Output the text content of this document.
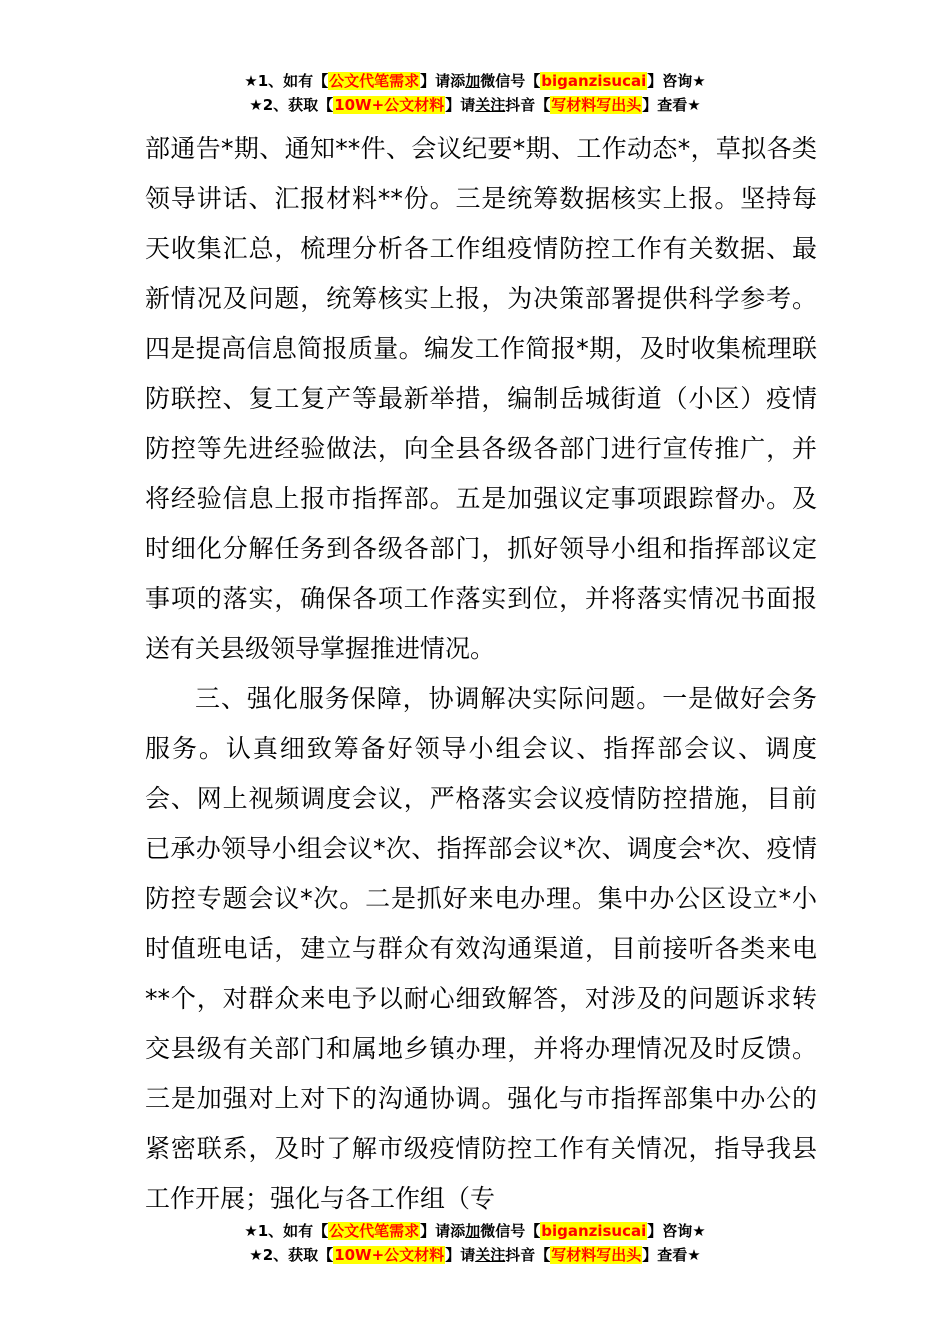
★1、如有【公文代笔需求】请添加微信号【biganzisucai】咨询★
★2、获取【10W+公文材料】请关注抖音【写材料写出头】查看★

部通告*期、通知**件、会议纪要*期、工作动态*，草拟各类领导讲话、汇报材料**份。三是统筹数据核实上报。坚持每天收集汇总，梳理分析各工作组疫情防控工作有关数据、最新情况及问题，统筹核实上报，为决策部署提供科学参考。四是提高信息简报质量。编发工作简报*期，及时收集梳理联防联控、复工复产等最新举措，编制岳城街道（小区）疫情防控等先进经验做法，向全县各级各部门进行宣传推广，并将经验信息上报市指挥部。五是加强议定事项跟踪督办。及时细化分解任务到各级各部门，抓好领导小组和指挥部议定事项的落实，确保各项工作落实到位，并将落实情况书面报送有关县级领导掌握推进情况。

三、强化服务保障，协调解决实际问题。一是做好会务服务。认真细致筹备好领导小组会议、指挥部会议、调度会、网上视频调度会议，严格落实会议疫情防控措施，目前已承办领导小组会议*次、指挥部会议*次、调度会*次、疫情防控专题会议*次。二是抓好来电办理。集中办公区设立*小时值班电话，建立与群众有效沟通渠道，目前接听各类来电**个，对群众来电予以耐心细致解答，对涉及的问题诉求转交县级有关部门和属地乡镇办理，并将办理情况及时反馈。三是加强对上对下的沟通协调。强化与市指挥部集中办公的紧密联系，及时了解市级疫情防控工作有关情况，指导我县工作开展；强化与各工作组（专

★1、如有【公文代笔需求】请添加微信号【biganzisucai】咨询★
★2、获取【10W+公文材料】请关注抖音【写材料写出头】查看★
